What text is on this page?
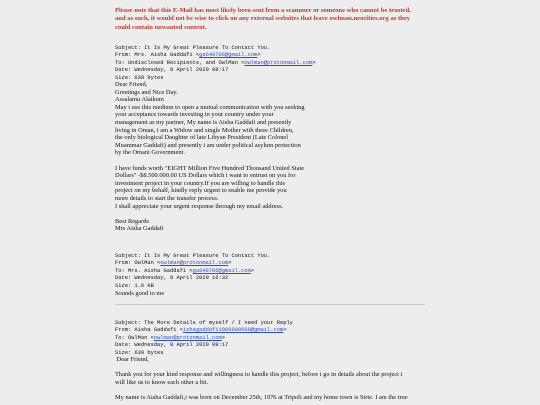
Please note that this E-Mail has most likely been sent from a scammer or someone who cannot be trusted,
and as such, it would not be wise to click on any external websites that leave owlman.neocities.org as they
could contain unwanted content.

Subject: It Is My Great Pleasure To Contact You.
From: Mrs. Aisha Gaddafi <ga648706@gmail.com>
To: Undisclosed Recipients, and OwlMan <owlman@protonmail.com>
Date: Wednesday, 8 April 2020 08:17
Size: 639 bytes
Dear Friend,
Greetings and Nice Day.
Assalamu Alaikum
May i use this medium to open a mutual communication with you seeking
your acceptance towards investing in your country under your
management as my partner, My name is Aisha Gaddafi and presently
living in Oman, i am a Widow and single Mother with three Children,
the only biological Daughter of late Libyan President (Late Colonel
Muammar Gaddafi) and presently i am under political asylum protection
by the Omani Government.
I have funds worth "EIGHT Million Five Hundred Thousand United State
Dollars" -$8.500.000.00 US Dollars which i want to entrust on you for
investment project in your country.If you are willing to handle this
project on my behalf, kindly reply urgent to enable me provide you
more details to start the transfer process.
I shall appreciate your urgent response through my email address.
Best Regards
Mrs Aisha Gaddafi

Subject: It Is My Great Pleasure To Contact You.
From: OwlMan <owlman@protonmail.com>
To: Mrs. Aisha Gaddafi <ga648706@gmail.com>
Date: Wednesday, 8 April 2020 16:32
Size: 1.6 KB
Sounds good to me

Subject: The More Details of myself / I need your Reply
From: Aisha Gaddafi <ishagaddafi1000000000@gmail.com>
To: OwlMan <owlman@protonmail.com>
Date: Wednesday, 8 April 2020 08:17
Size: 639 bytes
Dear Friend,
Thank you for your kind response and willingness to handle this project, before i go in details about the project i
will like us to know each other a bit.
My name is Aisha Gaddafi,i was born on December 25th, 1976 at Tripoli and my home town is Sirte. I am the true
